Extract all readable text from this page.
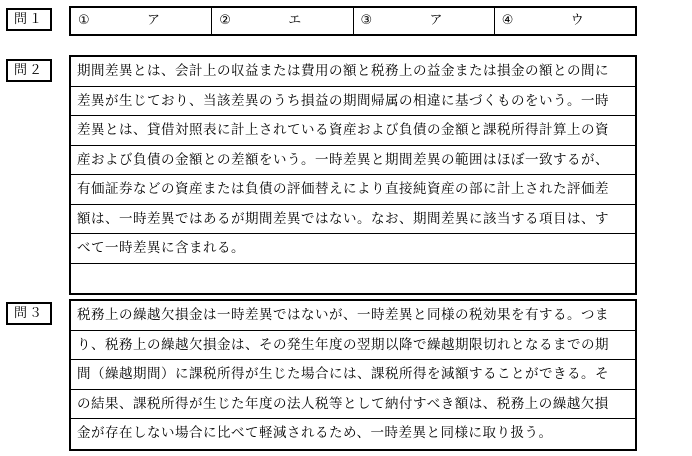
問１	①	ア	②	エ	③	ア	④	ウ
問２	期間差異とは、会計上の収益または費用の額と税務上の益金または損金の額との間に
差異が生じており、当該差異のうち損益の期間帰属の相違に基づくものをいう。一時
差異とは、貸借対照表に計上されている資産および負債の金額と課税所得計算上の資
産および負債の金額との差額をいう。一時差異と期間差異の範囲はほぼ一致するが、
有価証券などの資産または負債の評価替えにより直接純資産の部に計上された評価差
額は、一時差異ではあるが期間差異ではない。なお、期間差異に該当する項目は、す
べて一時差異に含まれる。
問３	税務上の繰越欠損金は一時差異ではないが、一時差異と同様の税効果を有する。つま
り、税務上の繰越欠損金は、その発生年度の翌期以降で繰越期限切れとなるまでの期
間（繰越期間）に課税所得が生じた場合には、課税所得を減額することができる。そ
の結果、課税所得が生じた年度の法人税等として納付すべき額は、税務上の繰越欠損
金が存在しない場合に比べて軽減されるため、一時差異と同様に取り扱う。
